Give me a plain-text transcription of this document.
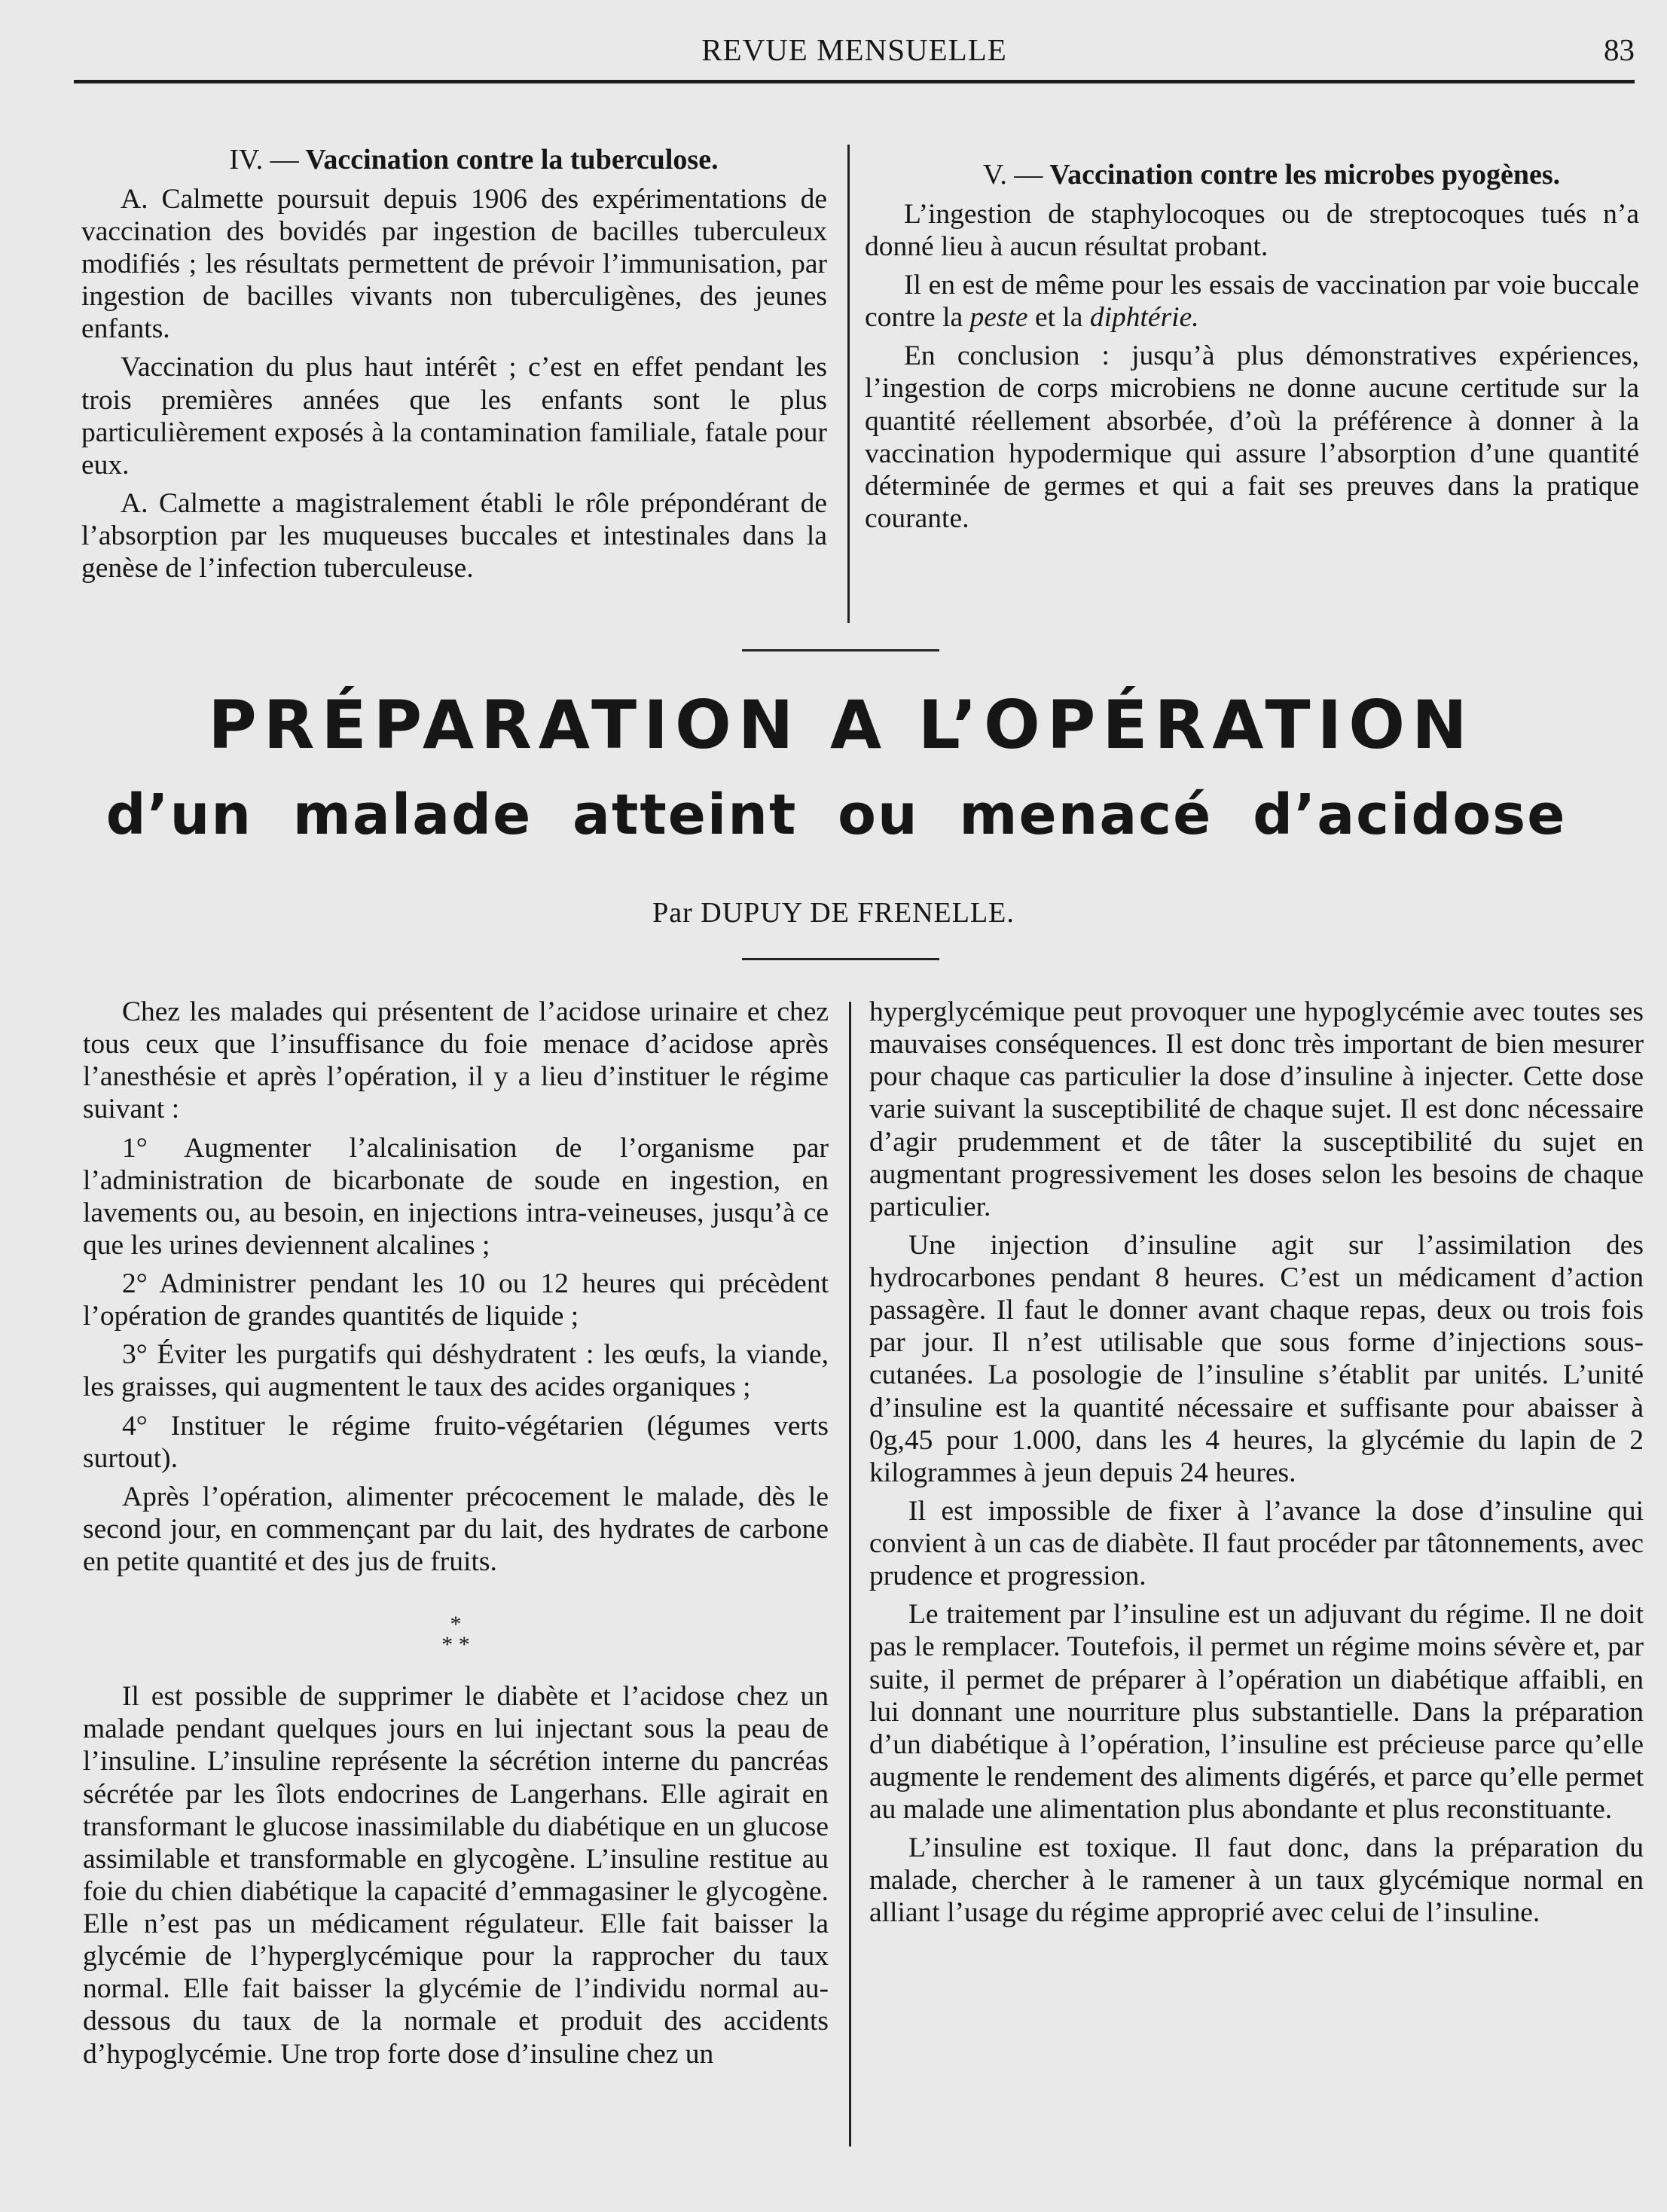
REVUE MENSUELLE	83

IV. — Vaccination contre la tuberculose.

A. Calmette poursuit depuis 1906 des expérimentations de vaccination des bovidés par ingestion de bacilles tuberculeux modifiés ; les résultats permettent de prévoir l’immunisation, par ingestion de bacilles vivants non tuberculigènes, des jeunes enfants.

Vaccination du plus haut intérêt ; c’est en effet pendant les trois premières années que les enfants sont le plus particulièrement exposés à la contamination familiale, fatale pour eux.

A. Calmette a magistralement établi le rôle prépondérant de l’absorption par les muqueuses buccales et intestinales dans la genèse de l’infection tuberculeuse.

V. — Vaccination contre les microbes pyogènes.

L’ingestion de staphylocoques ou de streptocoques tués n’a donné lieu à aucun résultat probant.

Il en est de même pour les essais de vaccination par voie buccale contre la peste et la diphtérie.

En conclusion : jusqu’à plus démonstratives expériences, l’ingestion de corps microbiens ne donne aucune certitude sur la quantité réellement absorbée, d’où la préférence à donner à la vaccination hypodermique qui assure l’absorption d’une quantité déterminée de germes et qui a fait ses preuves dans la pratique courante.

PRÉPARATION A L’OPÉRATION
d’un malade atteint ou menacé d’acidose
Par DUPUY DE FRENELLE.

Chez les malades qui présentent de l’acidose urinaire et chez tous ceux que l’insuffisance du foie menace d’acidose après l’anesthésie et après l’opération, il y a lieu d’instituer le régime suivant :

1° Augmenter l’alcalinisation de l’organisme par l’administration de bicarbonate de soude en ingestion, en lavements ou, au besoin, en injections intra-veineuses, jusqu’à ce que les urines deviennent alcalines ;

2° Administrer pendant les 10 ou 12 heures qui précèdent l’opération de grandes quantités de liquide ;

3° Éviter les purgatifs qui déshydratent : les œufs, la viande, les graisses, qui augmentent le taux des acides organiques ;

4° Instituer le régime fruito-végétarien (légumes verts surtout).

Après l’opération, alimenter précocement le malade, dès le second jour, en commençant par du lait, des hydrates de carbone en petite quantité et des jus de fruits.

*
* *

Il est possible de supprimer le diabète et l’acidose chez un malade pendant quelques jours en lui injectant sous la peau de l’insuline. L’insuline représente la sécrétion interne du pancréas sécrétée par les îlots endocrines de Langerhans. Elle agirait en transformant le glucose inassimilable du diabétique en un glucose assimilable et transformable en glycogène. L’insuline restitue au foie du chien diabétique la capacité d’emmagasiner le glycogène. Elle n’est pas un médicament régulateur. Elle fait baisser la glycémie de l’hyperglycémique pour la rapprocher du taux normal. Elle fait baisser la glycémie de l’individu normal au-dessous du taux de la normale et produit des accidents d’hypoglycémie. Une trop forte dose d’insuline chez un

hyperglycémique peut provoquer une hypoglycémie avec toutes ses mauvaises conséquences. Il est donc très important de bien mesurer pour chaque cas particulier la dose d’insuline à injecter. Cette dose varie suivant la susceptibilité de chaque sujet. Il est donc nécessaire d’agir prudemment et de tâter la susceptibilité du sujet en augmentant progressivement les doses selon les besoins de chaque particulier.

Une injection d’insuline agit sur l’assimilation des hydrocarbones pendant 8 heures. C’est un médicament d’action passagère. Il faut le donner avant chaque repas, deux ou trois fois par jour. Il n’est utilisable que sous forme d’injections sous-cutanées. La posologie de l’insuline s’établit par unités. L’unité d’insuline est la quantité nécessaire et suffisante pour abaisser à 0g,45 pour 1.000, dans les 4 heures, la glycémie du lapin de 2 kilogrammes à jeun depuis 24 heures.

Il est impossible de fixer à l’avance la dose d’insuline qui convient à un cas de diabète. Il faut procéder par tâtonnements, avec prudence et progression.

Le traitement par l’insuline est un adjuvant du régime. Il ne doit pas le remplacer. Toutefois, il permet un régime moins sévère et, par suite, il permet de préparer à l’opération un diabétique affaibli, en lui donnant une nourriture plus substantielle. Dans la préparation d’un diabétique à l’opération, l’insuline est précieuse parce qu’elle augmente le rendement des aliments digérés, et parce qu’elle permet au malade une alimentation plus abondante et plus reconstituante.

L’insuline est toxique. Il faut donc, dans la préparation du malade, chercher à le ramener à un taux glycémique normal en alliant l’usage du régime approprié avec celui de l’insuline.
